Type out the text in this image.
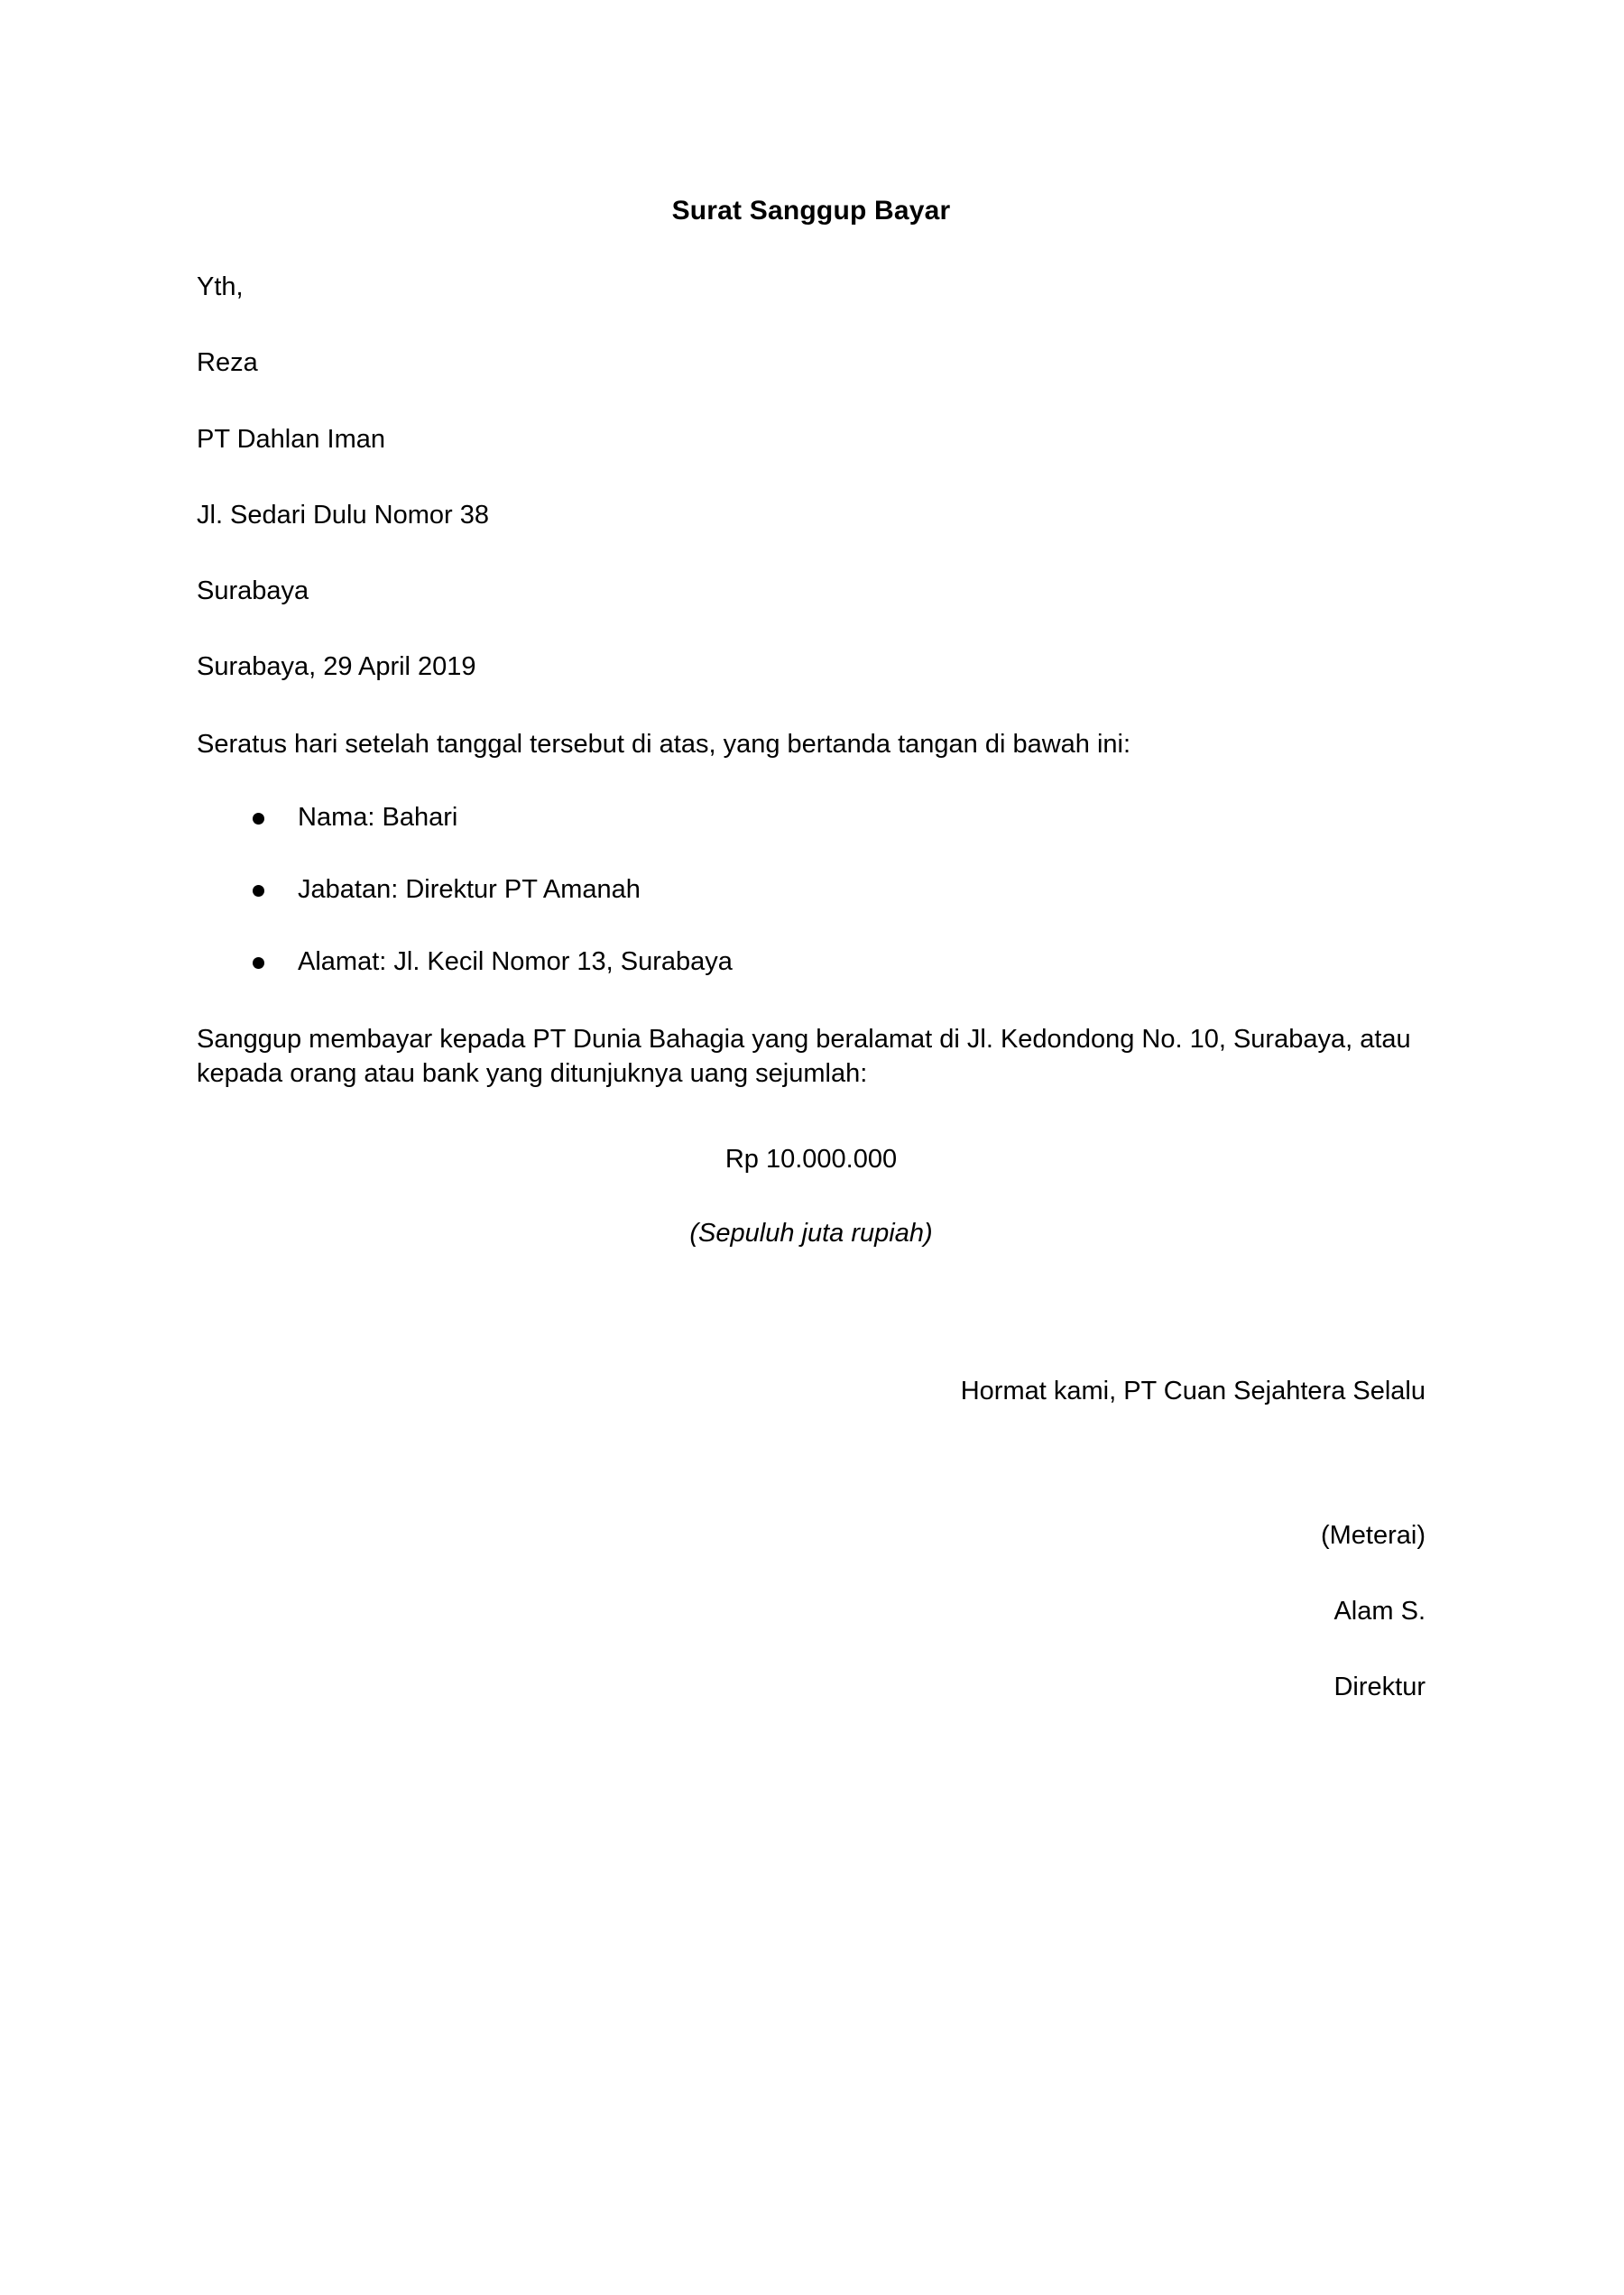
Surat Sanggup Bayar

Yth,

Reza

PT Dahlan Iman

Jl. Sedari Dulu Nomor 38

Surabaya

Surabaya, 29 April 2019

Seratus hari setelah tanggal tersebut di atas, yang bertanda tangan di bawah ini:

Nama: Bahari
Jabatan: Direktur PT Amanah
Alamat: Jl. Kecil Nomor 13, Surabaya

Sanggup membayar kepada PT Dunia Bahagia yang beralamat di Jl. Kedondong No. 10, Surabaya, atau kepada orang atau bank yang ditunjuknya uang sejumlah:

Rp 10.000.000

(Sepuluh juta rupiah)

Hormat kami, PT Cuan Sejahtera Selalu

(Meterai)

Alam S.

Direktur
